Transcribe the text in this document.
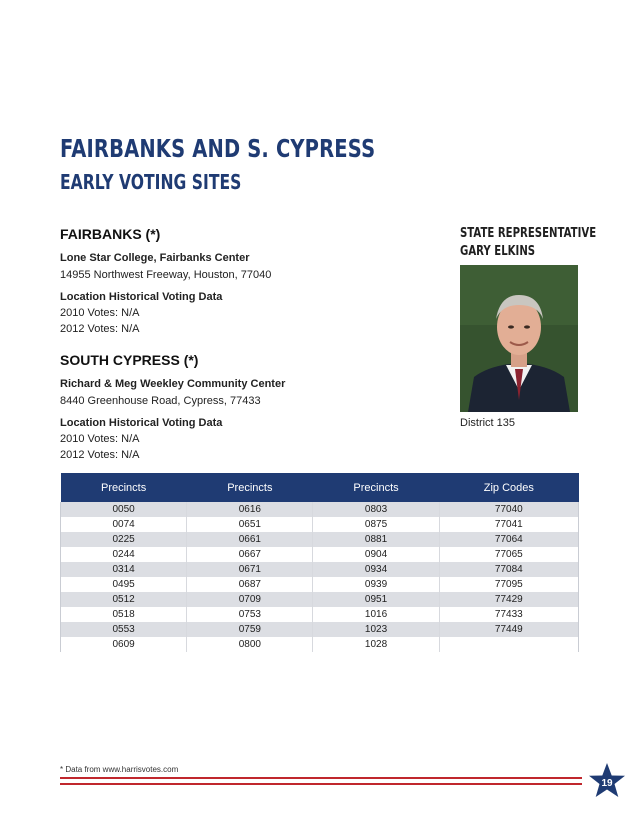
FAIRBANKS AND S. CYPRESS
EARLY VOTING SITES
FAIRBANKS (*)
Lone Star College, Fairbanks Center
14955 Northwest Freeway, Houston, 77040
Location Historical Voting Data
2010 Votes: N/A
2012 Votes: N/A
SOUTH CYPRESS (*)
Richard & Meg Weekley Community Center
8440 Greenhouse Road, Cypress, 77433
Location Historical Voting Data
2010 Votes: N/A
2012 Votes: N/A
STATE REPRESENTATIVE
GARY ELKINS
District 135
Precincts	Precincts	Precincts	Zip Codes
0050	0616	0803	77040
0074	0651	0875	77041
0225	0661	0881	77064
0244	0667	0904	77065
0314	0671	0934	77084
0495	0687	0939	77095
0512	0709	0951	77429
0518	0753	1016	77433
0553	0759	1023	77449
0609	0800	1028	
* Data from www.harrisvotes.com
19
